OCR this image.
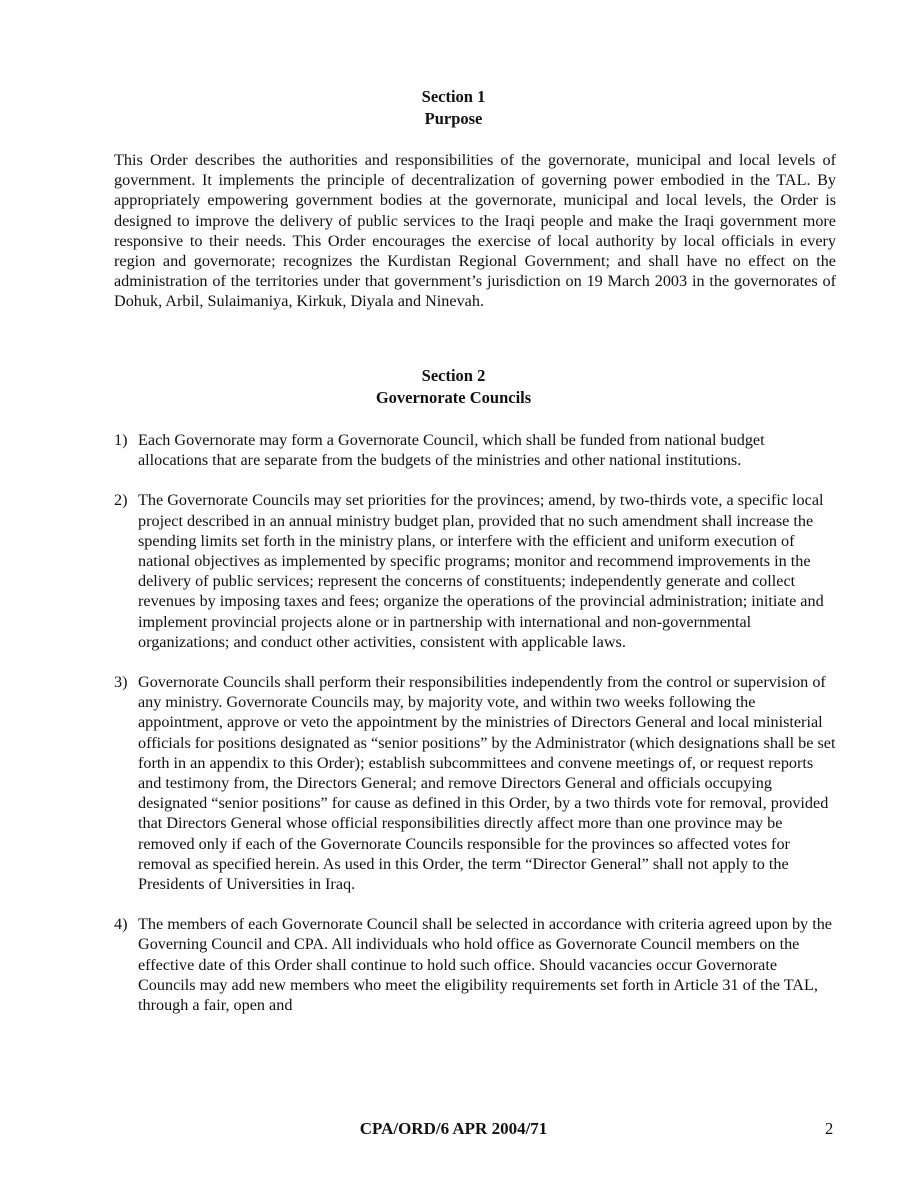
Section 1
Purpose

This Order describes the authorities and responsibilities of the governorate, municipal and local levels of government. It implements the principle of decentralization of governing power embodied in the TAL. By appropriately empowering government bodies at the governorate, municipal and local levels, the Order is designed to improve the delivery of public services to the Iraqi people and make the Iraqi government more responsive to their needs. This Order encourages the exercise of local authority by local officials in every region and governorate; recognizes the Kurdistan Regional Government; and shall have no effect on the administration of the territories under that government’s jurisdiction on 19 March 2003 in the governorates of Dohuk, Arbil, Sulaimaniya, Kirkuk, Diyala and Ninevah.

Section 2
Governorate Councils
1) Each Governorate may form a Governorate Council, which shall be funded from national budget allocations that are separate from the budgets of the ministries and other national institutions.
2) The Governorate Councils may set priorities for the provinces; amend, by two-thirds vote, a specific local project described in an annual ministry budget plan, provided that no such amendment shall increase the spending limits set forth in the ministry plans, or interfere with the efficient and uniform execution of national objectives as implemented by specific programs; monitor and recommend improvements in the delivery of public services; represent the concerns of constituents; independently generate and collect revenues by imposing taxes and fees; organize the operations of the provincial administration; initiate and implement provincial projects alone or in partnership with international and non-governmental organizations; and conduct other activities, consistent with applicable laws.
3) Governorate Councils shall perform their responsibilities independently from the control or supervision of any ministry. Governorate Councils may, by majority vote, and within two weeks following the appointment, approve or veto the appointment by the ministries of Directors General and local ministerial officials for positions designated as “senior positions” by the Administrator (which designations shall be set forth in an appendix to this Order); establish subcommittees and convene meetings of, or request reports and testimony from, the Directors General; and remove Directors General and officials occupying designated “senior positions” for cause as defined in this Order, by a two thirds vote for removal, provided that Directors General whose official responsibilities directly affect more than one province may be removed only if each of the Governorate Councils responsible for the provinces so affected votes for removal as specified herein. As used in this Order, the term “Director General” shall not apply to the Presidents of Universities in Iraq.
4) The members of each Governorate Council shall be selected in accordance with criteria agreed upon by the Governing Council and CPA. All individuals who hold office as Governorate Council members on the effective date of this Order shall continue to hold such office. Should vacancies occur Governorate Councils may add new members who meet the eligibility requirements set forth in Article 31 of the TAL, through a fair, open and
CPA/ORD/6 APR 2004/71	2
